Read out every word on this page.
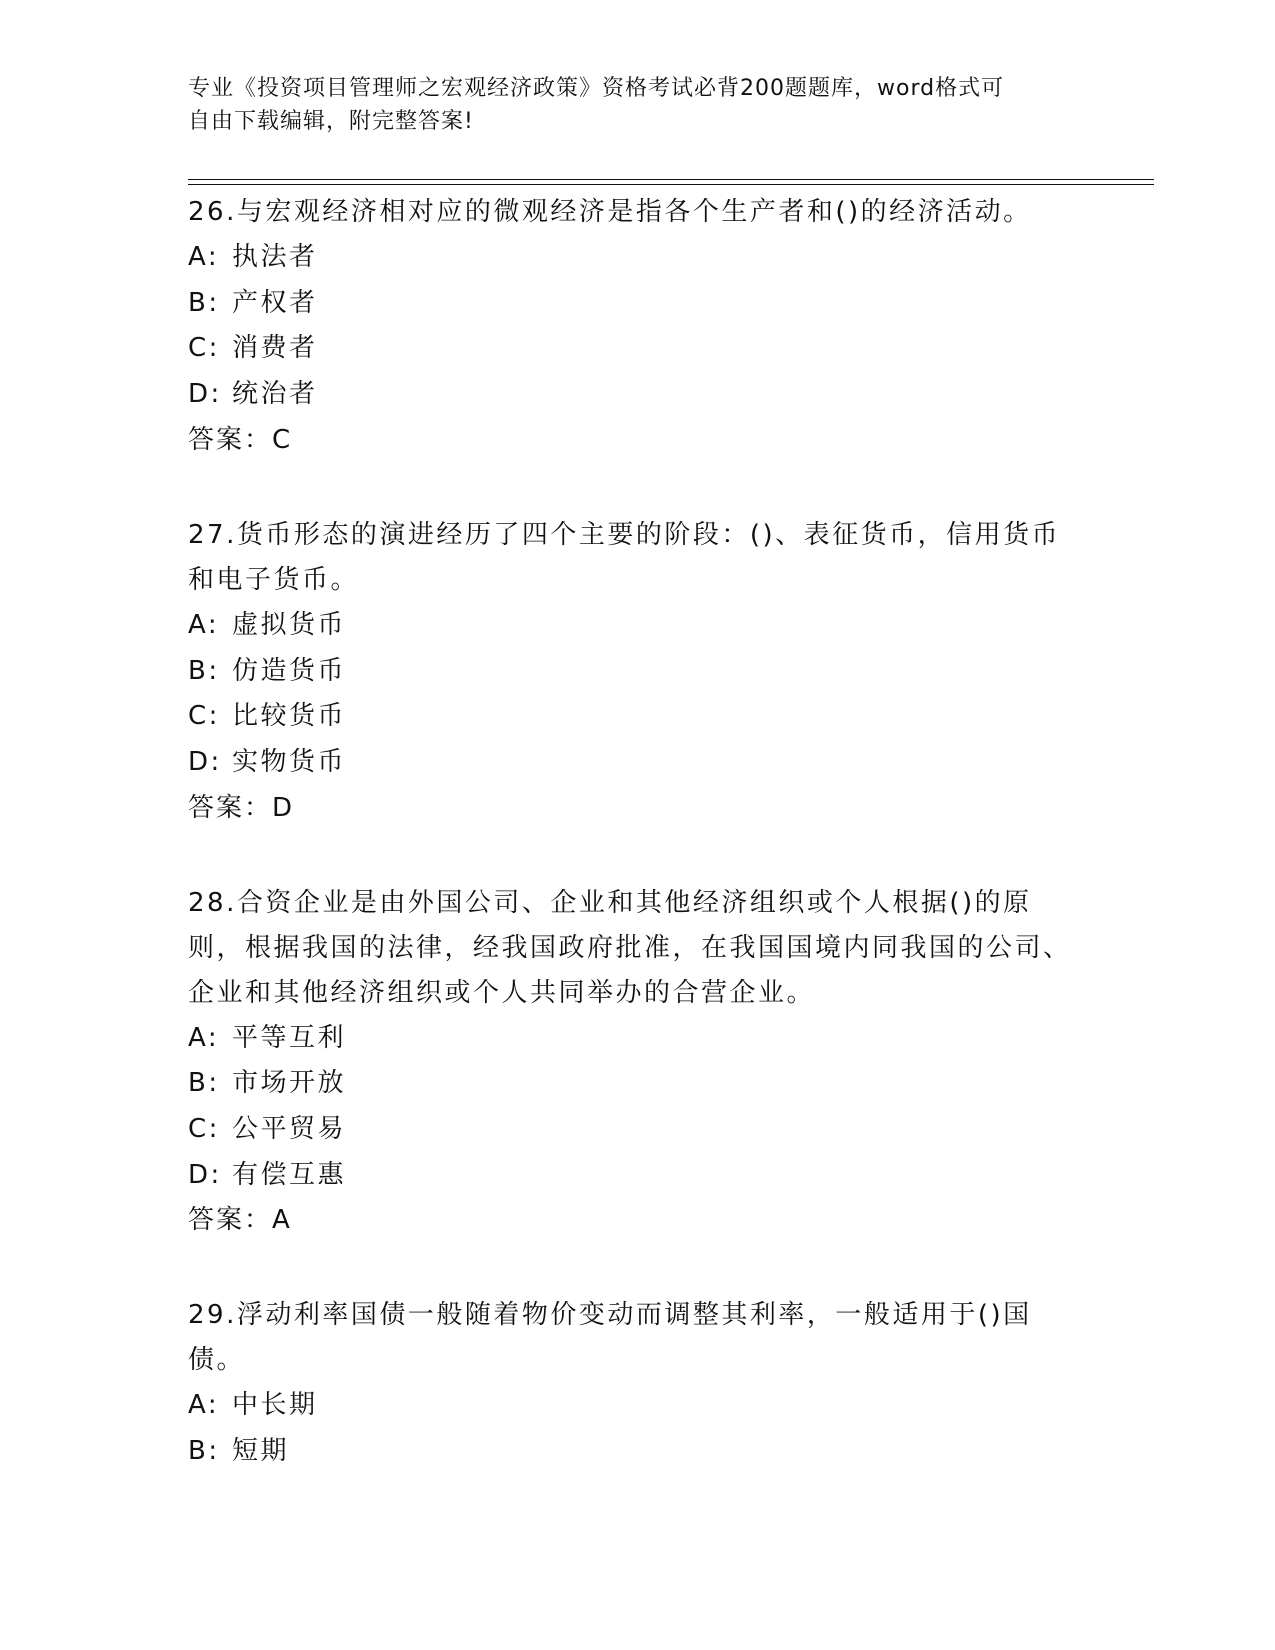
专业《投资项目管理师之宏观经济政策》资格考试必背200题题库，word格式可
自由下载编辑，附完整答案!
26.与宏观经济相对应的微观经济是指各个生产者和()的经济活动。
A: 执法者
B: 产权者
C: 消费者
D: 统治者
答案：C
27.货币形态的演进经历了四个主要的阶段：()、表征货币，信用货币和电子货币。
A: 虚拟货币
B: 仿造货币
C: 比较货币
D: 实物货币
答案：D
28.合资企业是由外国公司、企业和其他经济组织或个人根据()的原则，根据我国的法律，经我国政府批准，在我国国境内同我国的公司、企业和其他经济组织或个人共同举办的合营企业。
A: 平等互利
B: 市场开放
C: 公平贸易
D: 有偿互惠
答案：A
29.浮动利率国债一般随着物价变动而调整其利率，一般适用于()国债。
A: 中长期
B: 短期
